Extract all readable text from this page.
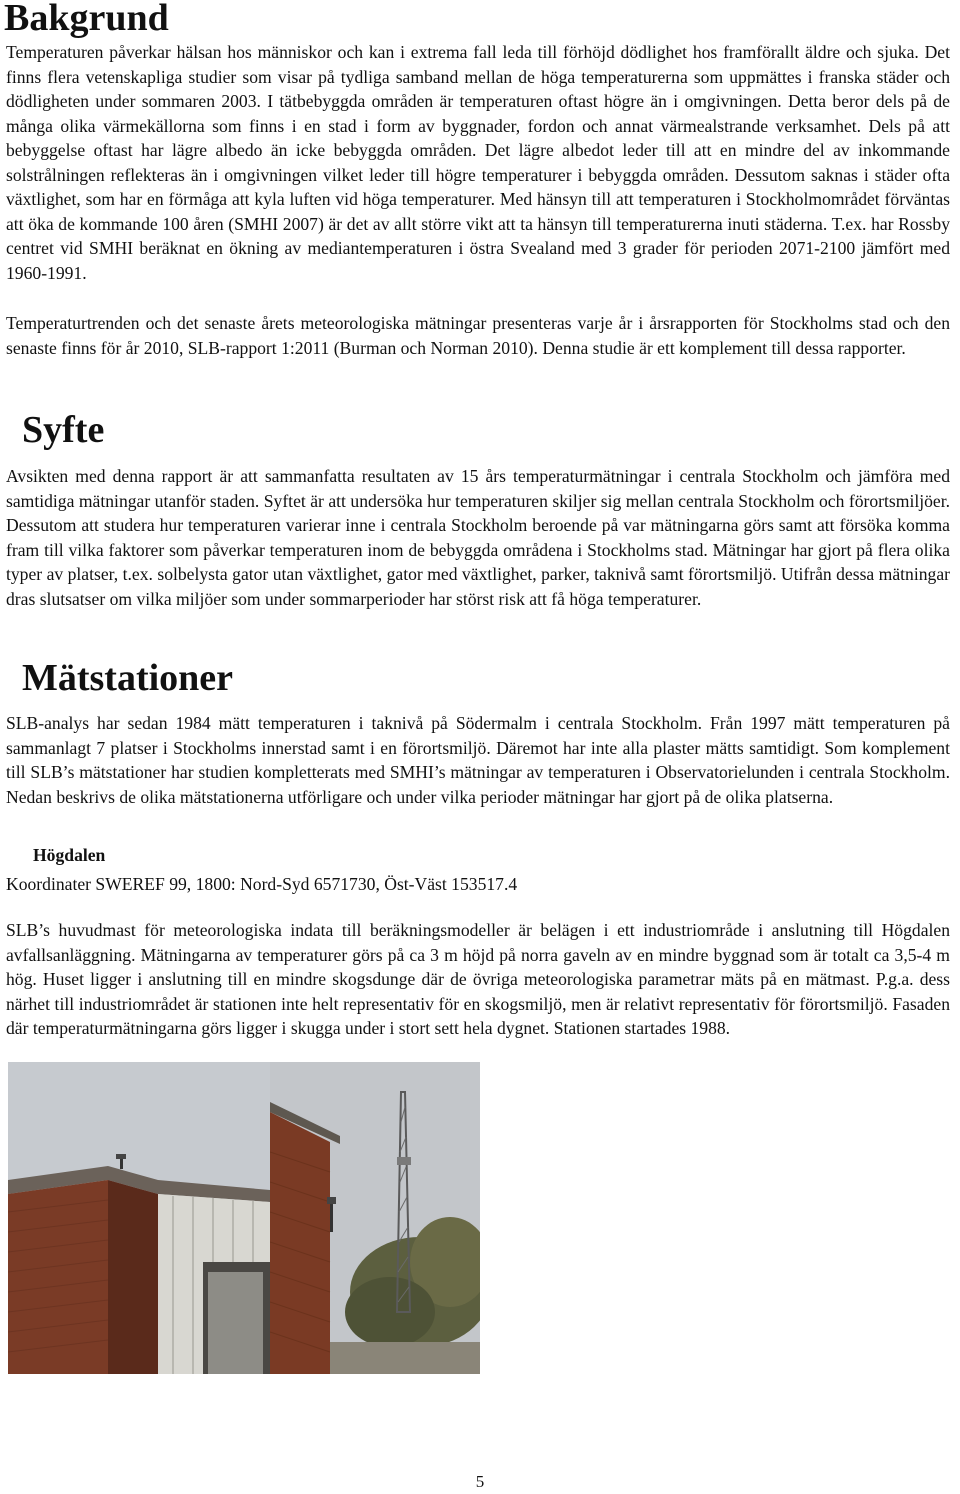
Bakgrund

Temperaturen påverkar hälsan hos människor och kan i extrema fall leda till förhöjd dödlighet hos framförallt äldre och sjuka. Det finns flera vetenskapliga studier som visar på tydliga samband mellan de höga temperaturerna som uppmättes i franska städer och dödligheten under sommaren 2003. I tätbebyggda områden är temperaturen oftast högre än i omgivningen. Detta beror dels på de många olika värmekällorna som finns i en stad i form av byggnader, fordon och annat värmealstrande verksamhet. Dels på att bebyggelse oftast har lägre albedo än icke bebyggda områden. Det lägre albedot leder till att en mindre del av inkommande solstrålningen reflekteras än i omgivningen vilket leder till högre temperaturer i bebyggda områden. Dessutom saknas i städer ofta växtlighet, som har en förmåga att kyla luften vid höga temperaturer. Med hänsyn till att temperaturen i Stockholmområdet förväntas att öka de kommande 100 åren (SMHI 2007) är det av allt större vikt att ta hänsyn till temperaturerna inuti städerna. T.ex. har Rossby centret vid SMHI beräknat en ökning av mediantemperaturen i östra Svealand med 3 grader för perioden 2071-2100 jämfört med 1960-1991.

Temperaturtrenden och det senaste årets meteorologiska mätningar presenteras varje år i årsrapporten för Stockholms stad och den senaste finns för år 2010, SLB-rapport 1:2011 (Burman och Norman 2010). Denna studie är ett komplement till dessa rapporter.

Syfte

Avsikten med denna rapport är att sammanfatta resultaten av 15 års temperaturmätningar i centrala Stockholm och jämföra med samtidiga mätningar utanför staden. Syftet är att undersöka hur temperaturen skiljer sig mellan centrala Stockholm och förortsmiljöer. Dessutom att studera hur temperaturen varierar inne i centrala Stockholm beroende på var mätningarna görs samt att försöka komma fram till vilka faktorer som påverkar temperaturen inom de bebyggda områdena i Stockholms stad. Mätningar har gjort på flera olika typer av platser, t.ex. solbelysta gator utan växtlighet, gator med växtlighet, parker, taknivå samt förortsmiljö. Utifrån dessa mätningar dras slutsatser om vilka miljöer som under sommarperioder har störst risk att få höga temperaturer.

Mätstationer

SLB-analys har sedan 1984 mätt temperaturen i taknivå på Södermalm i centrala Stockholm. Från 1997 mätt temperaturen på sammanlagt 7 platser i Stockholms innerstad samt i en förortsmiljö. Däremot har inte alla plaster mätts samtidigt. Som komplement till SLB’s mätstationer har studien kompletterats med SMHI’s mätningar av temperaturen i Observatorielunden i centrala Stockholm. Nedan beskrivs de olika mätstationerna utförligare och under vilka perioder mätningar har gjort på de olika platserna.

Högdalen

Koordinater SWEREF 99, 1800: Nord-Syd 6571730, Öst-Väst 153517.4

SLB’s huvudmast för meteorologiska indata till beräkningsmodeller är belägen i ett industriområde i anslutning till Högdalen avfallsanläggning. Mätningarna av temperaturer görs på ca 3 m höjd på norra gaveln av en mindre byggnad som är totalt ca 3,5-4 m hög. Huset ligger i anslutning till en mindre skogsdunge där de övriga meteorologiska parametrar mäts på en mätmast. P.g.a. dess närhet till industriområdet är stationen inte helt representativ för en skogsmiljö, men är relativt representativ för förortsmiljö. Fasaden där temperaturmätningarna görs ligger i skugga under i stort sett hela dygnet. Stationen startades 1988.

5
